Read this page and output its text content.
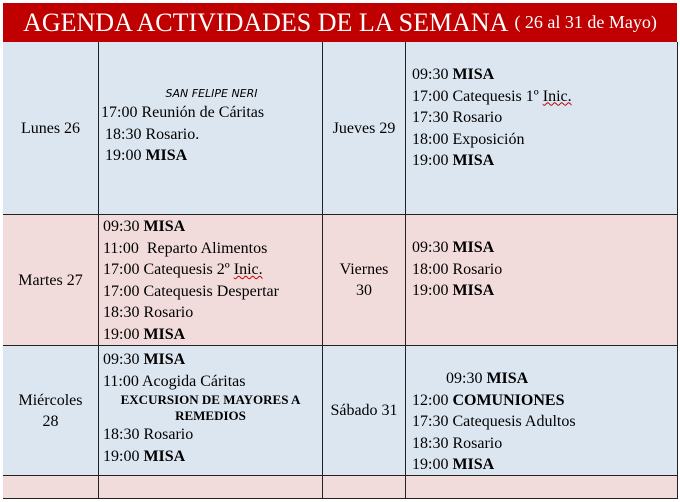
AGENDA ACTIVIDADES DE LA SEMANA ( 26 al 31 de Mayo)
Lunes 26
SAN FELIPE NERI
17:00 Reunión de Cáritas
18:30 Rosario.
19:00 MISA
Jueves 29
09:30 MISA
17:00 Catequesis 1º Inic.
17:30 Rosario
18:00 Exposición
19:00 MISA
Martes 27
09:30 MISA
11:00  Reparto Alimentos
17:00 Catequesis 2º Inic.
17:00 Catequesis Despertar
18:30 Rosario
19:00 MISA
Viernes
30
09:30 MISA
18:00 Rosario
19:00 MISA
Miércoles
28
09:30 MISA
11:00 Acogida Cáritas
EXCURSION DE MAYORES A
REMEDIOS
18:30 Rosario
19:00 MISA
Sábado 31
09:30 MISA
12:00 COMUNIONES
17:30 Catequesis Adultos
18:30 Rosario
19:00 MISA
